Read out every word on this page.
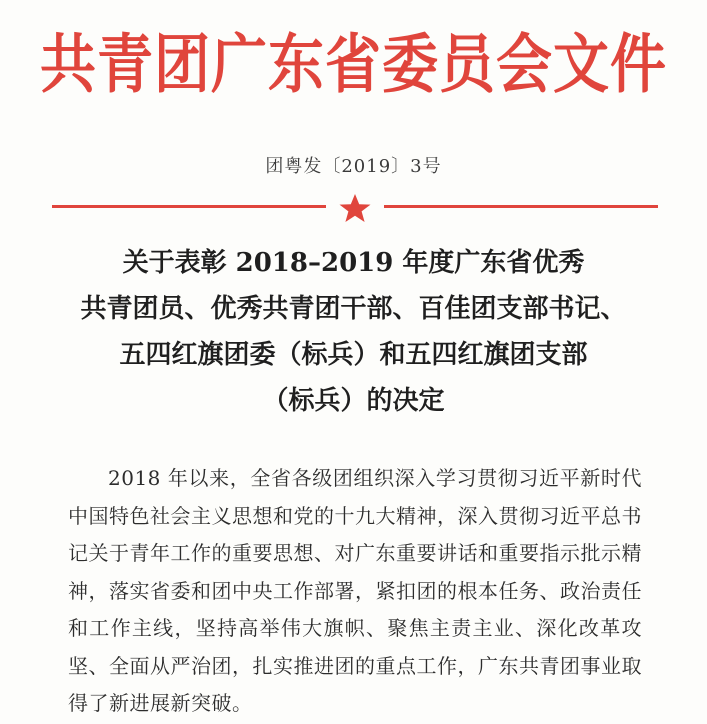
共青团广东省委员会文件
团粤发〔2019〕3号
关于表彰 2018–2019 年度广东省优秀
共青团员、优秀共青团干部、百佳团支部书记、
五四红旗团委（标兵）和五四红旗团支部
（标兵）的决定
2018 年以来，全省各级团组织深入学习贯彻习近平新时代中国特色社会主义思想和党的十九大精神，深入贯彻习近平总书记关于青年工作的重要思想、对广东重要讲话和重要指示批示精神，落实省委和团中央工作部署，紧扣团的根本任务、政治责任和工作主线，坚持高举伟大旗帜、聚焦主责主业、深化改革攻坚、全面从严治团，扎实推进团的重点工作，广东共青团事业取得了新进展新突破。
